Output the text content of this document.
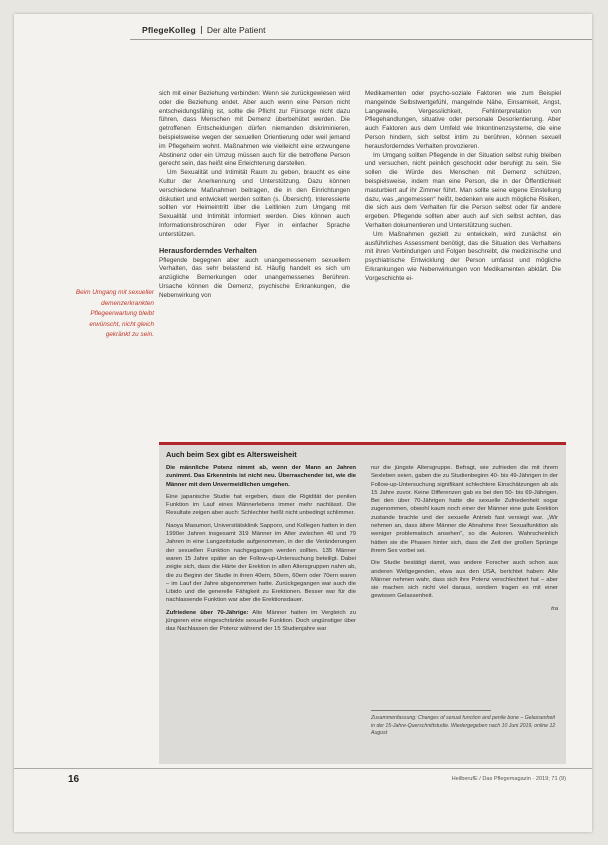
PflegeKolleg Der alte Patient

sich mit einer Beziehung verbinden: Wenn sie zurückgewiesen wird oder die Beziehung endet. Aber auch wenn eine Person nicht entscheidungsfähig ist, sollte die Pflicht zur Fürsorge nicht dazu führen, dass Menschen mit Demenz überbehütet werden. Die getroffenen Entscheidungen dürfen niemanden diskriminieren, beispielsweise wegen der sexuellen Orientierung oder weil jemand im Pflegeheim wohnt. Maßnahmen wie vielleicht eine erzwungene Abstinenz oder ein Umzug müssen auch für die betroffene Person gerecht sein, das heißt eine Erleichterung darstellen.

Um Sexualität und Intimität Raum zu geben, braucht es eine Kultur der Anerkennung und Unterstützung. Dazu können verschiedene Maßnahmen beitragen, die in den Einrichtungen diskutiert und entwickelt werden sollten (s. Übersicht). Interessierte sollten vor Heimeintritt über die Leitlinien zum Umgang mit Sexualität und Intimität informiert werden. Dies können auch Informationsbroschüren oder Flyer in einfacher Sprache unterstützen.

Herausforderndes Verhalten

Pflegende begegnen aber auch unangemessenem sexuellem Verhalten, das sehr belastend ist. Häufig handelt es sich um anzügliche Bemerkungen oder unangemessenes Berühren. Ursache können die Demenz, psychische Erkrankungen, die Nebenwirkung von

Medikamenten oder psycho-soziale Faktoren wie zum Beispiel mangelnde Selbstwertgefühl, mangelnde Nähe, Einsamkeit, Angst, Langeweile, Vergesslichkeit, Fehlinterpretation von Pflegehandlungen, situative oder personale Desorientierung. Aber auch Faktoren aus dem Umfeld wie Inkontinenzsysteme, die eine Person hindern, sich selbst intim zu berühren, können sexuell herausforderndes Verhalten provozieren.

Im Umgang sollten Pflegende in der Situation selbst ruhig bleiben und versuchen, nicht peinlich geschockt oder beruhigt zu sein. Sie sollen die Würde des Menschen mit Demenz schützen, beispielsweise, indem man eine Person, die in der Öffentlichkeit masturbiert auf ihr Zimmer führt. Man sollte seine eigene Einstellung dazu, was „angemessen“ heißt, bedenken wie auch mögliche Risiken, die sich aus dem Verhalten für die Person selbst oder für andere ergeben. Pflegende sollten aber auch auf sich selbst achten, das Verhalten dokumentieren und Unterstützung suchen.

Um Maßnahmen gezielt zu entwickeln, wird zunächst ein ausführliches Assessment benötigt, das die Situation des Verhaltens mit ihren Verbindungen und Folgen beschreibt, die medizinische und psychiatrische Entwicklung der Person umfasst und mögliche Erkrankungen wie Nebenwirkungen von Medikamenten abklärt. Die Vorgeschichte ei-

Beim Umgang mit sexueller demenzerkrankten Pflegeerwartung bleibt erwünscht, nicht gleich gekränkt zu sein.
Auch beim Sex gibt es Altersweisheit

Die männliche Potenz nimmt ab, wenn der Mann an Jahren zunimmt. Das Erkenntnis ist nicht neu. Überraschender ist, wie die Männer mit dem Unvermeidlichen umgehen.

Eine japanische Studie hat ergeben, dass die Rigidität der penilen Funktion im Lauf eines Männerlebens immer mehr nachlässt. Die Resultate zeigen aber auch: Schlechter heißt nicht unbedingt schlimmer.

Naoya Masumori, Universitätsklinik Sapporo, und Kollegen hatten in den 1990er Jahren insgesamt 319 Männer im Alter zwischen 40 und 79 Jahren in eine Langzeitstudie aufgenommen, in der die Veränderungen der sexuellen Funktion nachgegangen werden sollten. 135 Männer waren 15 Jahre später an der Follow-up-Untersuchung beteiligt. Dabei zeigte sich, dass die Härte der Erektion in allen Altersgruppen nahm ab, die zu Beginn der Studie in ihren 40ern, 50ern, 60ern oder 70ern waren – im Lauf der Jahre abgenommen hatte. Zurückgegangen war auch die Libido und die generelle Fähigkeit zu Erektionen. Besser war für die nachlassende Funktion war aber die Erektionsdauer.

Zufriedene über 70-Jährige: Alte Männer hatten im Vergleich zu jüngeren eine eingeschränkte sexuelle Funktion. Doch ungünstiger über das Nachlassen der Potenz während der 15 Studienjahre war

nur die jüngste Altersgruppe. Befragt, wie zufrieden die mit ihrem Sexleben seien, gaben die zu Studienbeginn 40- bis 49-Jährigen in der Follow-up-Untersuchung signifikant schlechtere Einschätzungen ab als 15 Jahre zuvor. Keine Differenzen gab es bei den 50- bis 69-Jährigen. Bei den über 70-Jährigen hatte die sexuelle Zufriedenheit sogar zugenommen, obwohl kaum noch einer der Männer eine gute Erektion zustande brachte und der sexuelle Antrieb fast versiegt war. „Wir nehmen an, dass ältere Männer die Abnahme ihrer Sexualfunktion als weniger problematisch ansehen“, so die Autoren. Wahrscheinlich hätten sie die Phasen hinter sich, dass die Zeit der großen Sprünge ihrem Sex vorbei sei.

Die Studie bestätigt damit, was andere Forscher auch schon aus anderen Weltgegenden, etwa aus den USA, berichtet haben: Alte Männer nehmen wahr, dass sich ihre Potenz verschlechtert hat – aber sie machen sich nicht viel daraus, sondern tragen es mit einer gewissen Gelassenheit.

tra

Zusammenfassung: Changes of sexual function and penile bone – Gelassenheit in der 15-Jahre-Querschnittstudie. Wiedergegeben nach 10 Juni 2019, online 12 August
16	HeilberufE / Das Pflegemagazin · 2019; 71 (9)
